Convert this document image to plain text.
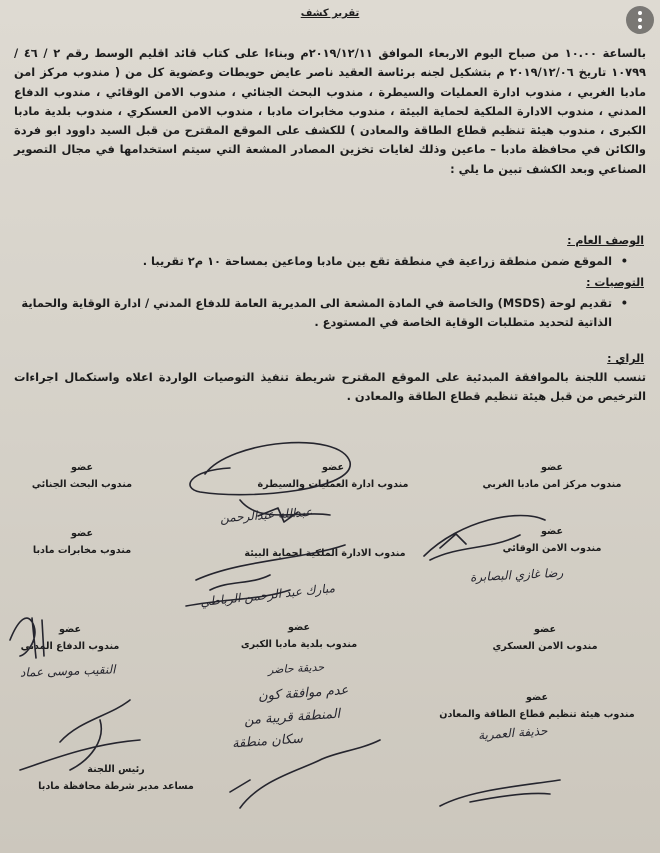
تقرير كشف
بالساعة ١٠.٠٠ من صباح اليوم الاربعاء الموافق ٢٠١٩/١٢/١١م وبناءا على كتاب قائد اقليم الوسط رقم ٢ / ٤٦ / ١٠٧٩٩ تاريخ ٢٠١٩/١٢/٠٦ م بتشكيل لجنه برئاسة العقيد ناصر عايض حويطات وعضوية كل من ( مندوب مركز امن مادبا الغربي ، مندوب ادارة العمليات والسيطرة ، مندوب البحث الجنائي ، مندوب الامن الوقائي ، مندوب الدفاع المدني ، مندوب الادارة الملكية لحماية البيئة ، مندوب مخابرات مادبا ، مندوب الامن العسكري ، مندوب بلدية مادبا الكبرى ، مندوب هيئة تنظيم قطاع الطاقة والمعادن ) للكشف على الموقع المقترح من قبل السيد داوود ابو فردة والكائن في محافظة مادبا – ماعين وذلك لغايات تخزين المصادر المشعة التي سيتم استخدامها في مجال التصوير الصناعي وبعد الكشف تبين ما يلي :
الوصف العام :
• الموقع ضمن منطقة زراعية في منطقة تقع بين مادبا وماعين بمساحة ١٠ م٢ تقريبا .
التوصيات :
• تقديم لوحة (MSDS) والخاصة في المادة المشعة الى المديرية العامة للدفاع المدني / ادارة الوقاية والحماية الذاتية لتحديد متطلبات الوقاية الخاصة في المستودع .
الراي :
تنسب اللجنة بالموافقة المبدئية على الموقع المقترح شريطة تنفيذ التوصيات الواردة اعلاه واستكمال اجراءات الترخيص من قبل هيئة تنظيم قطاع الطاقة والمعادن .
عضو
مندوب مركز امن مادبا الغربي
عضو
مندوب ادارة العمليات والسيطرة
عضو
مندوب البحث الجنائي
عضو
مندوب الامن الوقائي
مندوب الادارة الملكية لحماية البيئة
عضو
مندوب مخابرات مادبا
عضو
مندوب الامن العسكري
عضو
مندوب بلدية مادبا الكبرى
عضو
مندوب الدفاع المدني
عضو
مندوب هيئة تنظيم قطاع الطاقة والمعادن
رئيس اللجنة
مساعد مدير شرطة محافظة مادبا
عبدالله عبدالرحمن
مبارك عبد الرحمن الرباطي
رضا غازي البصابرة
النقيب موسى عماد	حديقة حاضر
عدم موافقة كون
المنطقة قريبة من
سكان منطقة	حذيفة العمرية
